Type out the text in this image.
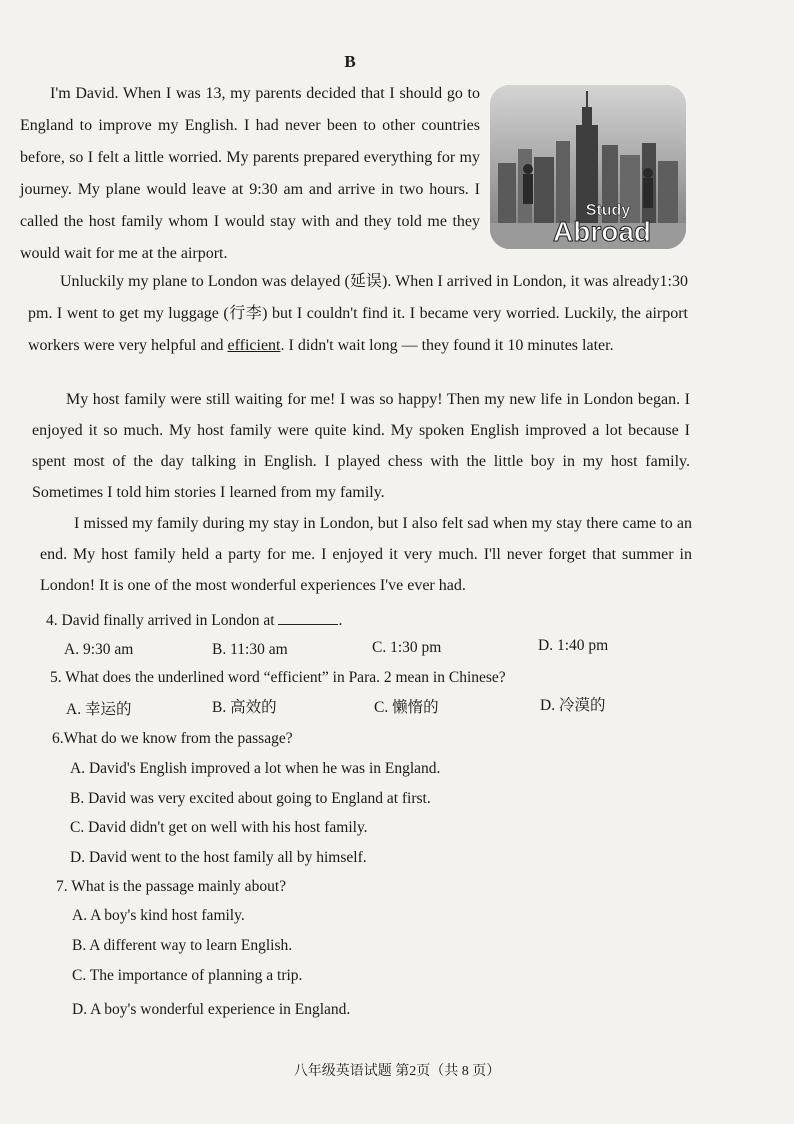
B

I'm David. When I was 13, my parents decided that I should go to England to improve my English. I had never been to other countries before, so I felt a little worried. My parents prepared everything for my journey. My plane would leave at 9:30 am and arrive in two hours. I called the host family whom I would stay with and they told me they would wait for me at the airport.

Study
Abroad

Unluckily my plane to London was delayed (延误). When I arrived in London, it was already1:30 pm. I went to get my luggage (行李) but I couldn't find it. I became very worried. Luckily, the airport workers were very helpful and efficient. I didn't wait long — they found it 10 minutes later.

My host family were still waiting for me! I was so happy! Then my new life in London began. I enjoyed it so much. My host family were quite kind. My spoken English improved a lot because I spent most of the day talking in English. I played chess with the little boy in my host family. Sometimes I told him stories I learned from my family.

I missed my family during my stay in London, but I also felt sad when my stay there came to an end. My host family held a party for me. I enjoyed it very much. I'll never forget that summer in London! It is one of the most wonderful experiences I've ever had.

4. David finally arrived in London at	.
A. 9:30 am	B. 11:30 am	C. 1:30 pm	D. 1:40 pm
5. What does the underlined word “efficient” in Para. 2 mean in Chinese?
A. 幸运的	B. 高效的	C. 懒惰的	D. 冷漠的
6.What do we know from the passage?
A. David's English improved a lot when he was in England.
B. David was very excited about going to England at first.
C. David didn't get on well with his host family.
D. David went to the host family all by himself.
7. What is the passage mainly about?
A. A boy's kind host family.
B. A different way to learn English.
C. The importance of planning a trip.
D. A boy's wonderful experience in England.
八年级英语试题 第2页（共 8 页）
